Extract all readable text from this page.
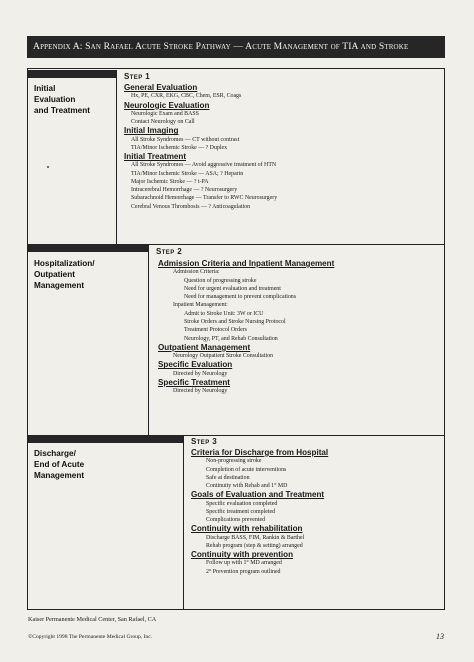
Appendix A: San Rafael Acute Stroke Pathway — Acute Management of TIA and Stroke
Initial
Evaluation
and Treatment
Hospitalization/
Outpatient
Management
Discharge/
End of Acute
Management
Step 1
Step 2
Step 3
General Evaluation
Hx, PE, CXR, EKG, CBC, Chem, ESR, Coags
Neurologic Evaluation
Neurologic Exam and BASS
Contact Neurology on Call
Initial Imaging
All Stroke Syndromes — CT without contrast
TIA/Minor Ischemic Stroke — ? Duplex
Initial Treatment
All Stroke Syndromes — Avoid aggressive treatment of HTN
TIA/Minor Ischemic Stroke — ASA; ? Heparin
Major Ischemic Stroke — ? t-PA
Intracerebral Hemorrhage — ? Neurosurgery
Subarachnoid Hemorrhage — Transfer to RWC Neurosurgery
Cerebral Venous Thrombosis — ? Anticoagulation
Admission Criteria and Inpatient Management
Admission Criteria:
Question of progressing stroke
Need for urgent evaluation and treatment
Need for management to prevent complications
Inpatient Management:
Admit to Stroke Unit: 3W or ICU
Stroke Orders and Stroke Nursing Protocol
Treatment Protocol Orders
Neurology, PT, and Rehab Consultation
Outpatient Management
Neurology Outpatient Stroke Consultation
Specific Evaluation
Directed by Neurology
Specific Treatment
Directed by Neurology
Criteria for Discharge from Hospital
Non-progressing stroke
Completion of acute interventions
Safe at destination
Continuity with Rehab and 1° MD
Goals of Evaluation and Treatment
Specific evaluation completed
Specific treatment completed
Complications prevented
Continuity with rehabilitation
Discharge BASS, FIM, Rankin & Barthel
Rehab program (step & setting) arranged
Continuity with prevention
Follow up with 1° MD arranged
2° Prevention program outlined
Kaiser Permanente Medical Center, San Rafael, CA
©Copyright 1998 The Permanente Medical Group, Inc.	13
